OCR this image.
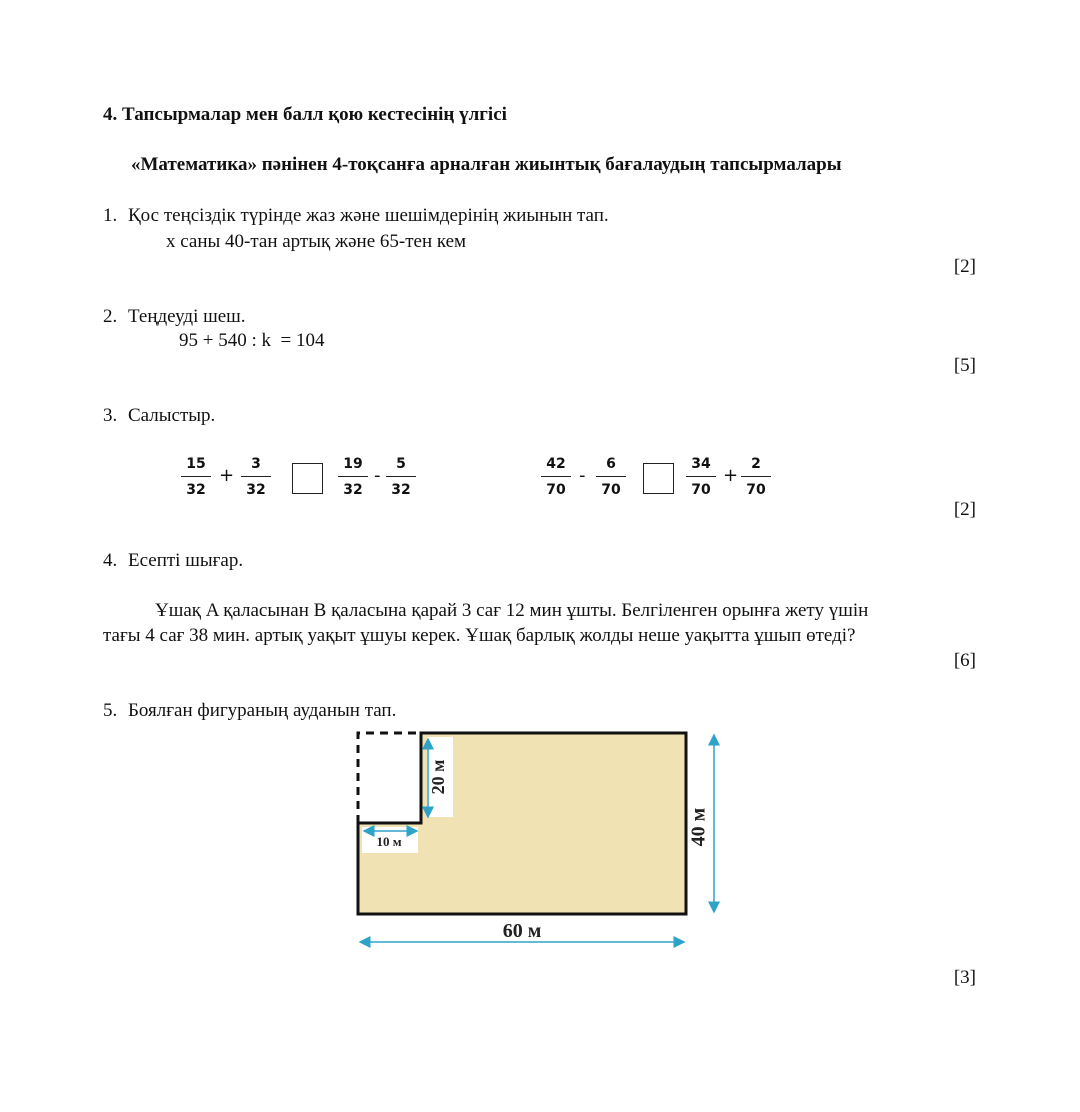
4. Тапсырмалар мен балл қою кестесінің үлгісі
«Математика» пәнінен 4-тоқсанға арналған жиынтық бағалаудың тапсырмалары
1. Қос теңсіздік түрінде жаз және шешімдерінің жиынын тап.
x саны 40-тан артық және 65-тен кем
[2]
2. Теңдеуді шеш.
95 + 540 : k  = 104
[5]
3. Салыстыр.
$\frac{15}{32} + \frac{3}{32}$	$\frac{19}{32} - \frac{5}{32}$	$\frac{42}{70} - \frac{6}{70}$	$\frac{34}{70} + \frac{2}{70}$
[2]
4. Есепті шығар.
Ұшақ A қаласынан B қаласына қарай 3 сағ 12 мин ұшты. Белгіленген орынға жету үшін
тағы 4 сағ 38 мин. артық уақыт ұшуы керек. Ұшақ барлық жолды неше уақытта ұшып өтеді?
[6]
5. Боялған фигураның ауданын тап.
20 м
10 м	40 м
60 м
[3]
